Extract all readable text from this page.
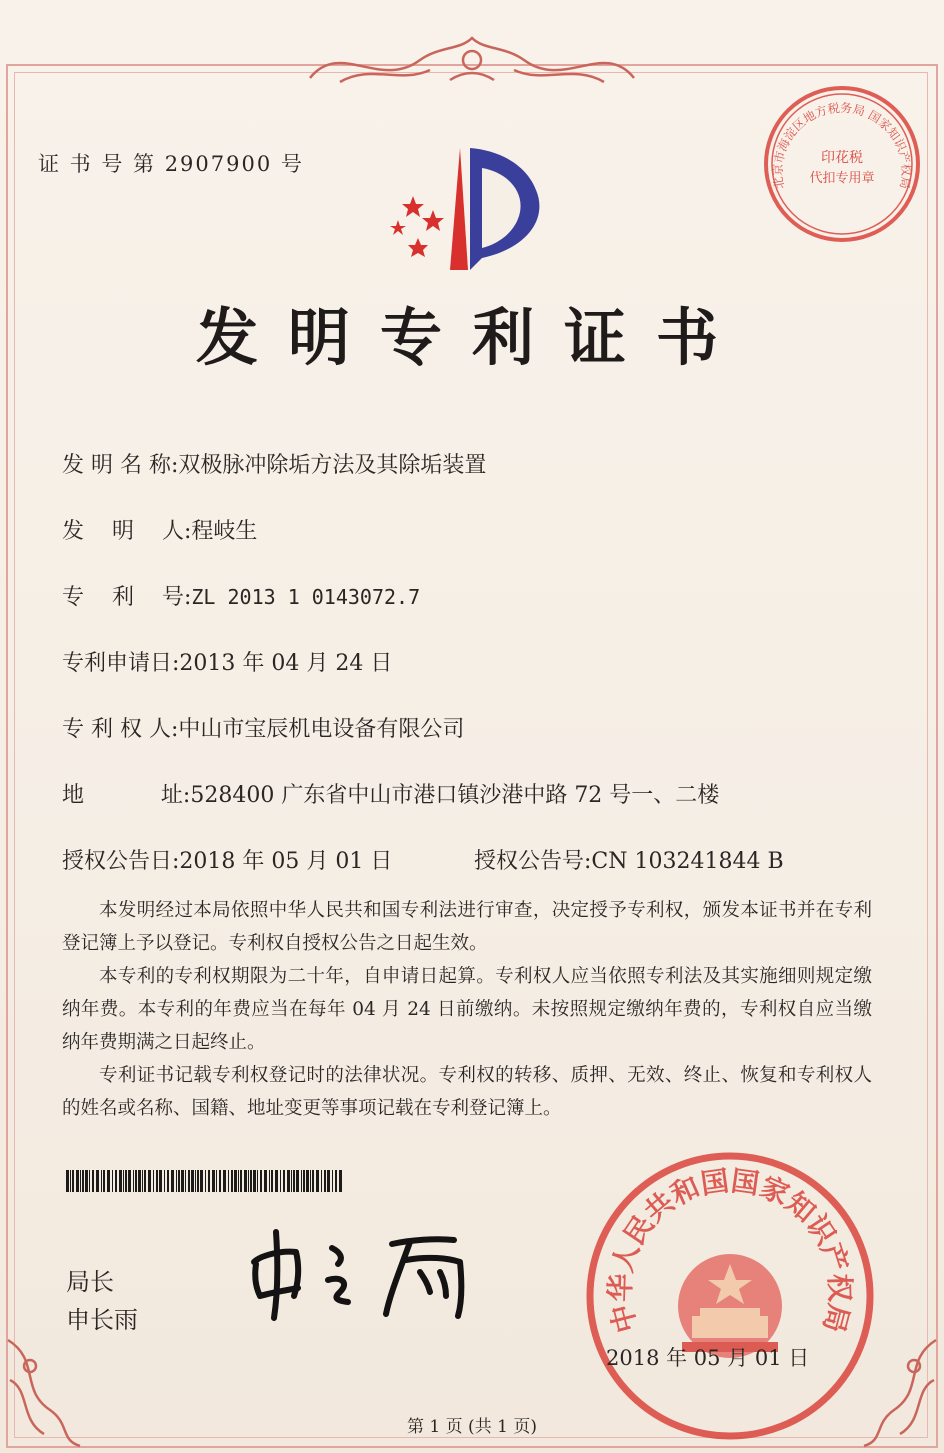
证 书 号 第 2907900 号
发明专利证书
发 明 名 称:双极脉冲除垢方法及其除垢装置
发    明    人:程岐生
专    利    号:ZL 2013 1 0143072.7
专利申请日:2013 年 04 月 24 日
专 利 权 人:中山市宝辰机电设备有限公司
地           址:528400 广东省中山市港口镇沙港中路 72 号一、二楼
授权公告日:2018 年 05 月 01 日	授权公告号:CN 103241844 B

本发明经过本局依照中华人民共和国专利法进行审查，决定授予专利权，颁发本证书并在专利登记簿上予以登记。专利权自授权公告之日起生效。

本专利的专利权期限为二十年，自申请日起算。专利权人应当依照专利法及其实施细则规定缴纳年费。本专利的年费应当在每年 04 月 24 日前缴纳。未按照规定缴纳年费的，专利权自应当缴纳年费期满之日起终止。

专利证书记载专利权登记时的法律状况。专利权的转移、质押、无效、终止、恢复和专利权人的姓名或名称、国籍、地址变更等事项记载在专利登记簿上。

局长
申长雨	中华人民共和国国家知识产权局
2018 年 05 月 01 日
北京市海淀区地方税务局 国家知识产权局
印花税
代扣专用章
第 1 页 (共 1 页)
